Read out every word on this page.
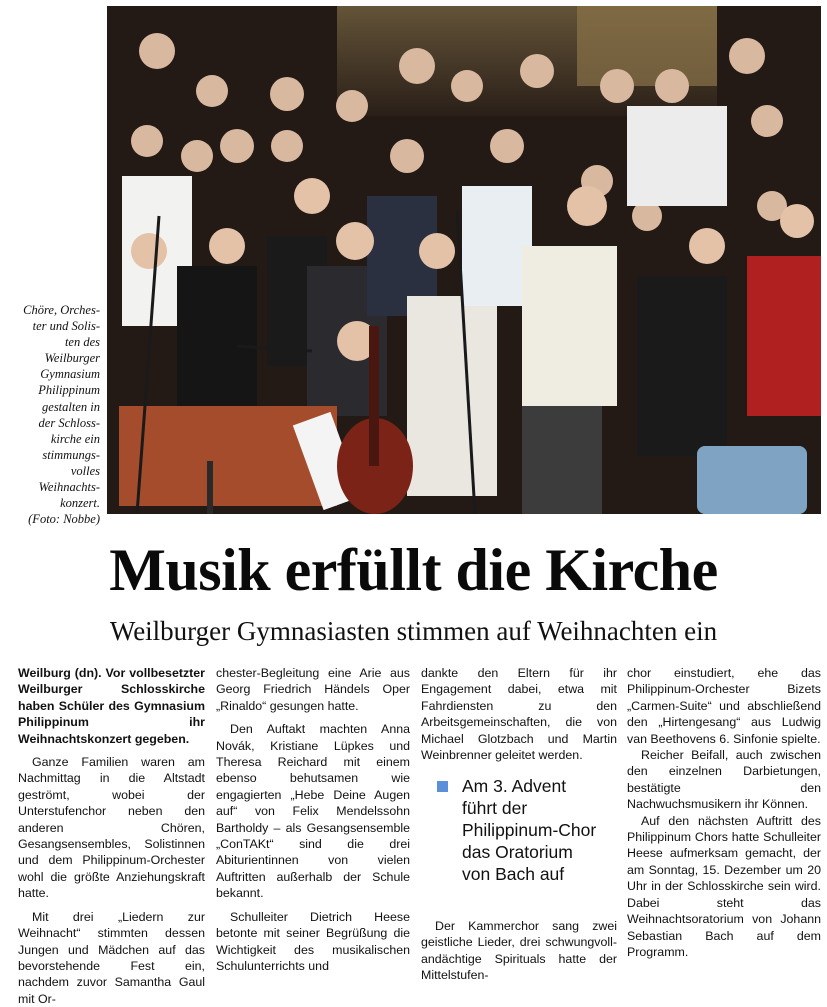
Chöre, Orches-
ter und Solis-
ten des
Weilburger
Gymnasium
Philippinum
gestalten in
der Schloss-
kirche ein
stimmungs-
volles
Weihnachts-
konzert.
(Foto: Nobbe)
Musik erfüllt die Kirche
Weilburger Gymnasiasten stimmen auf Weihnachten ein

Weilburg (dn). Vor vollbesetzter Weilburger Schlosskirche haben Schüler des Gymnasium Philippinum ihr Weihnachtskonzert gegeben.

Ganze Familien waren am Nachmittag in die Altstadt geströmt, wobei der Unterstufenchor neben den anderen Chören, Gesangsensembles, Solistinnen und dem Philippinum-Orchester wohl die größte Anziehungskraft hatte.

Mit drei „Liedern zur Weihnacht“ stimmten dessen Jungen und Mädchen auf das bevorstehende Fest ein, nachdem zuvor Samantha Gaul mit Or-

chester-Begleitung eine Arie aus Georg Friedrich Händels Oper „Rinaldo“ gesungen hatte.

Den Auftakt machten Anna Novák, Kristiane Lüpkes und Theresa Reichard mit einem ebenso behutsamen wie engagierten „Hebe Deine Augen auf“ von Felix Mendelssohn Bartholdy – als Gesangsensemble „ConTAKt“ sind die drei Abiturientinnen von vielen Auftritten außerhalb der Schule bekannt.

Schulleiter Dietrich Heese betonte mit seiner Begrüßung die Wichtigkeit des musikalischen Schulunterrichts und

dankte den Eltern für ihr Engagement dabei, etwa mit Fahrdiensten zu den Arbeitsgemeinschaften, die von Michael Glotzbach und Martin Weinbrenner geleitet werden.

Am 3. Advent
führt der
Philippinum-Chor
das Oratorium
von Bach auf

Der Kammerchor sang zwei geistliche Lieder, drei schwungvoll-andächtige Spirituals hatte der Mittelstufen-

chor einstudiert, ehe das Philippinum-Orchester Bizets „Carmen-Suite“ und abschließend den „Hirtengesang“ aus Ludwig van Beethovens 6. Sinfonie spielte.

Reicher Beifall, auch zwischen den einzelnen Darbietungen, bestätigte den Nachwuchsmusikern ihr Können.

Auf den nächsten Auftritt des Philippinum Chors hatte Schulleiter Heese aufmerksam gemacht, der am Sonntag, 15. Dezember um 20 Uhr in der Schlosskirche sein wird. Dabei steht das Weihnachtsoratorium von Johann Sebastian Bach auf dem Programm.
